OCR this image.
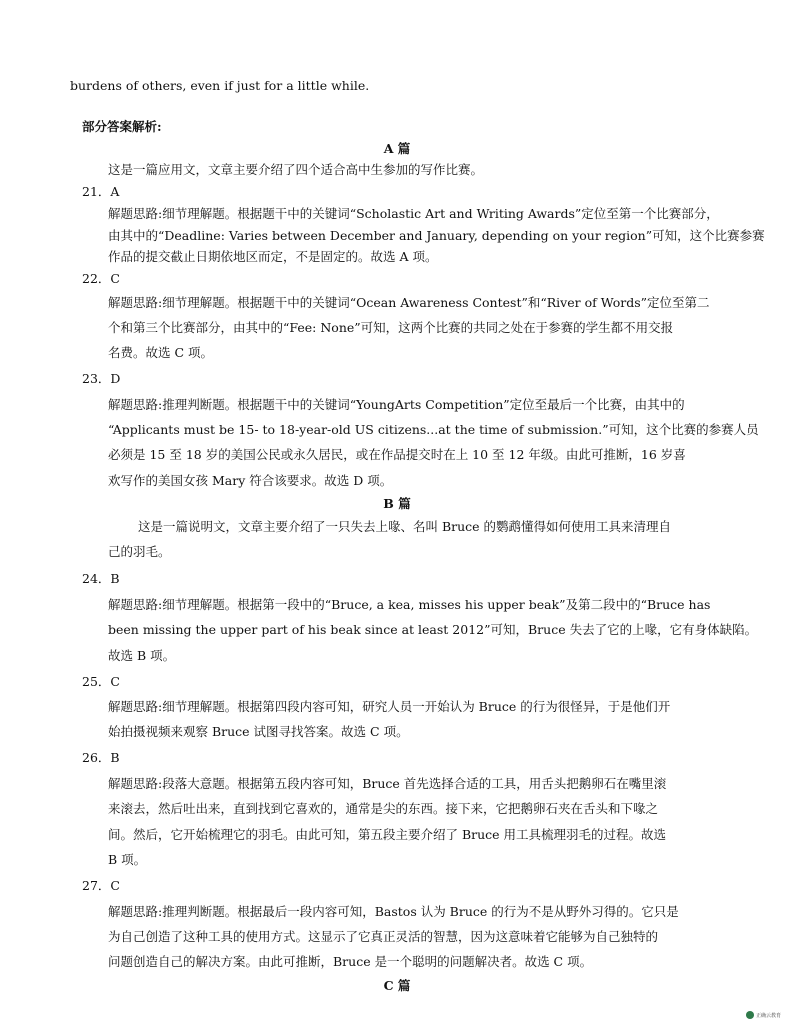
burdens of others, even if just for a little while.
部分答案解析:
A 篇
这是一篇应用文，文章主要介绍了四个适合高中生参加的写作比赛。
21．A
解题思路:细节理解题。根据题干中的关键词“Scholastic Art and Writing Awards”定位至第一个比赛部分，
由其中的“Deadline: Varies between December and January, depending on your region”可知，这个比赛参赛
作品的提交截止日期依地区而定，不是固定的。故选 A 项。
22．C
解题思路:细节理解题。根据题干中的关键词“Ocean Awareness Contest”和“River of Words”定位至第二
个和第三个比赛部分，由其中的“Fee: None”可知，这两个比赛的共同之处在于参赛的学生都不用交报
名费。故选 C 项。
23．D
解题思路:推理判断题。根据题干中的关键词“YoungArts Competition”定位至最后一个比赛，由其中的
“Applicants must be 15- to 18-year-old US citizens...at the time of submission.”可知，这个比赛的参赛人员
必须是 15 至 18 岁的美国公民或永久居民，或在作品提交时在上 10 至 12 年级。由此可推断，16 岁喜
欢写作的美国女孩 Mary 符合该要求。故选 D 项。
B 篇
这是一篇说明文，文章主要介绍了一只失去上喙、名叫 Bruce 的鹦鹉懂得如何使用工具来清理自
己的羽毛。
24．B
解题思路:细节理解题。根据第一段中的“Bruce, a kea, misses his upper beak”及第二段中的“Bruce has
been missing the upper part of his beak since at least 2012”可知，Bruce 失去了它的上喙，它有身体缺陷。
故选 B 项。
25．C
解题思路:细节理解题。根据第四段内容可知，研究人员一开始认为 Bruce 的行为很怪异，于是他们开
始拍摄视频来观察 Bruce 试图寻找答案。故选 C 项。
26．B
解题思路:段落大意题。根据第五段内容可知，Bruce 首先选择合适的工具，用舌头把鹅卵石在嘴里滚
来滚去，然后吐出来，直到找到它喜欢的，通常是尖的东西。接下来，它把鹅卵石夹在舌头和下喙之
间。然后，它开始梳理它的羽毛。由此可知，第五段主要介绍了 Bruce 用工具梳理羽毛的过程。故选
B 项。
27．C
解题思路:推理判断题。根据最后一段内容可知，Bastos 认为 Bruce 的行为不是从野外习得的。它只是
为自己创造了这种工具的使用方式。这显示了它真正灵活的智慧，因为这意味着它能够为自己独特的
问题创造自己的解决方案。由此可推断，Bruce 是一个聪明的问题解决者。故选 C 项。
C 篇
正确云教育
